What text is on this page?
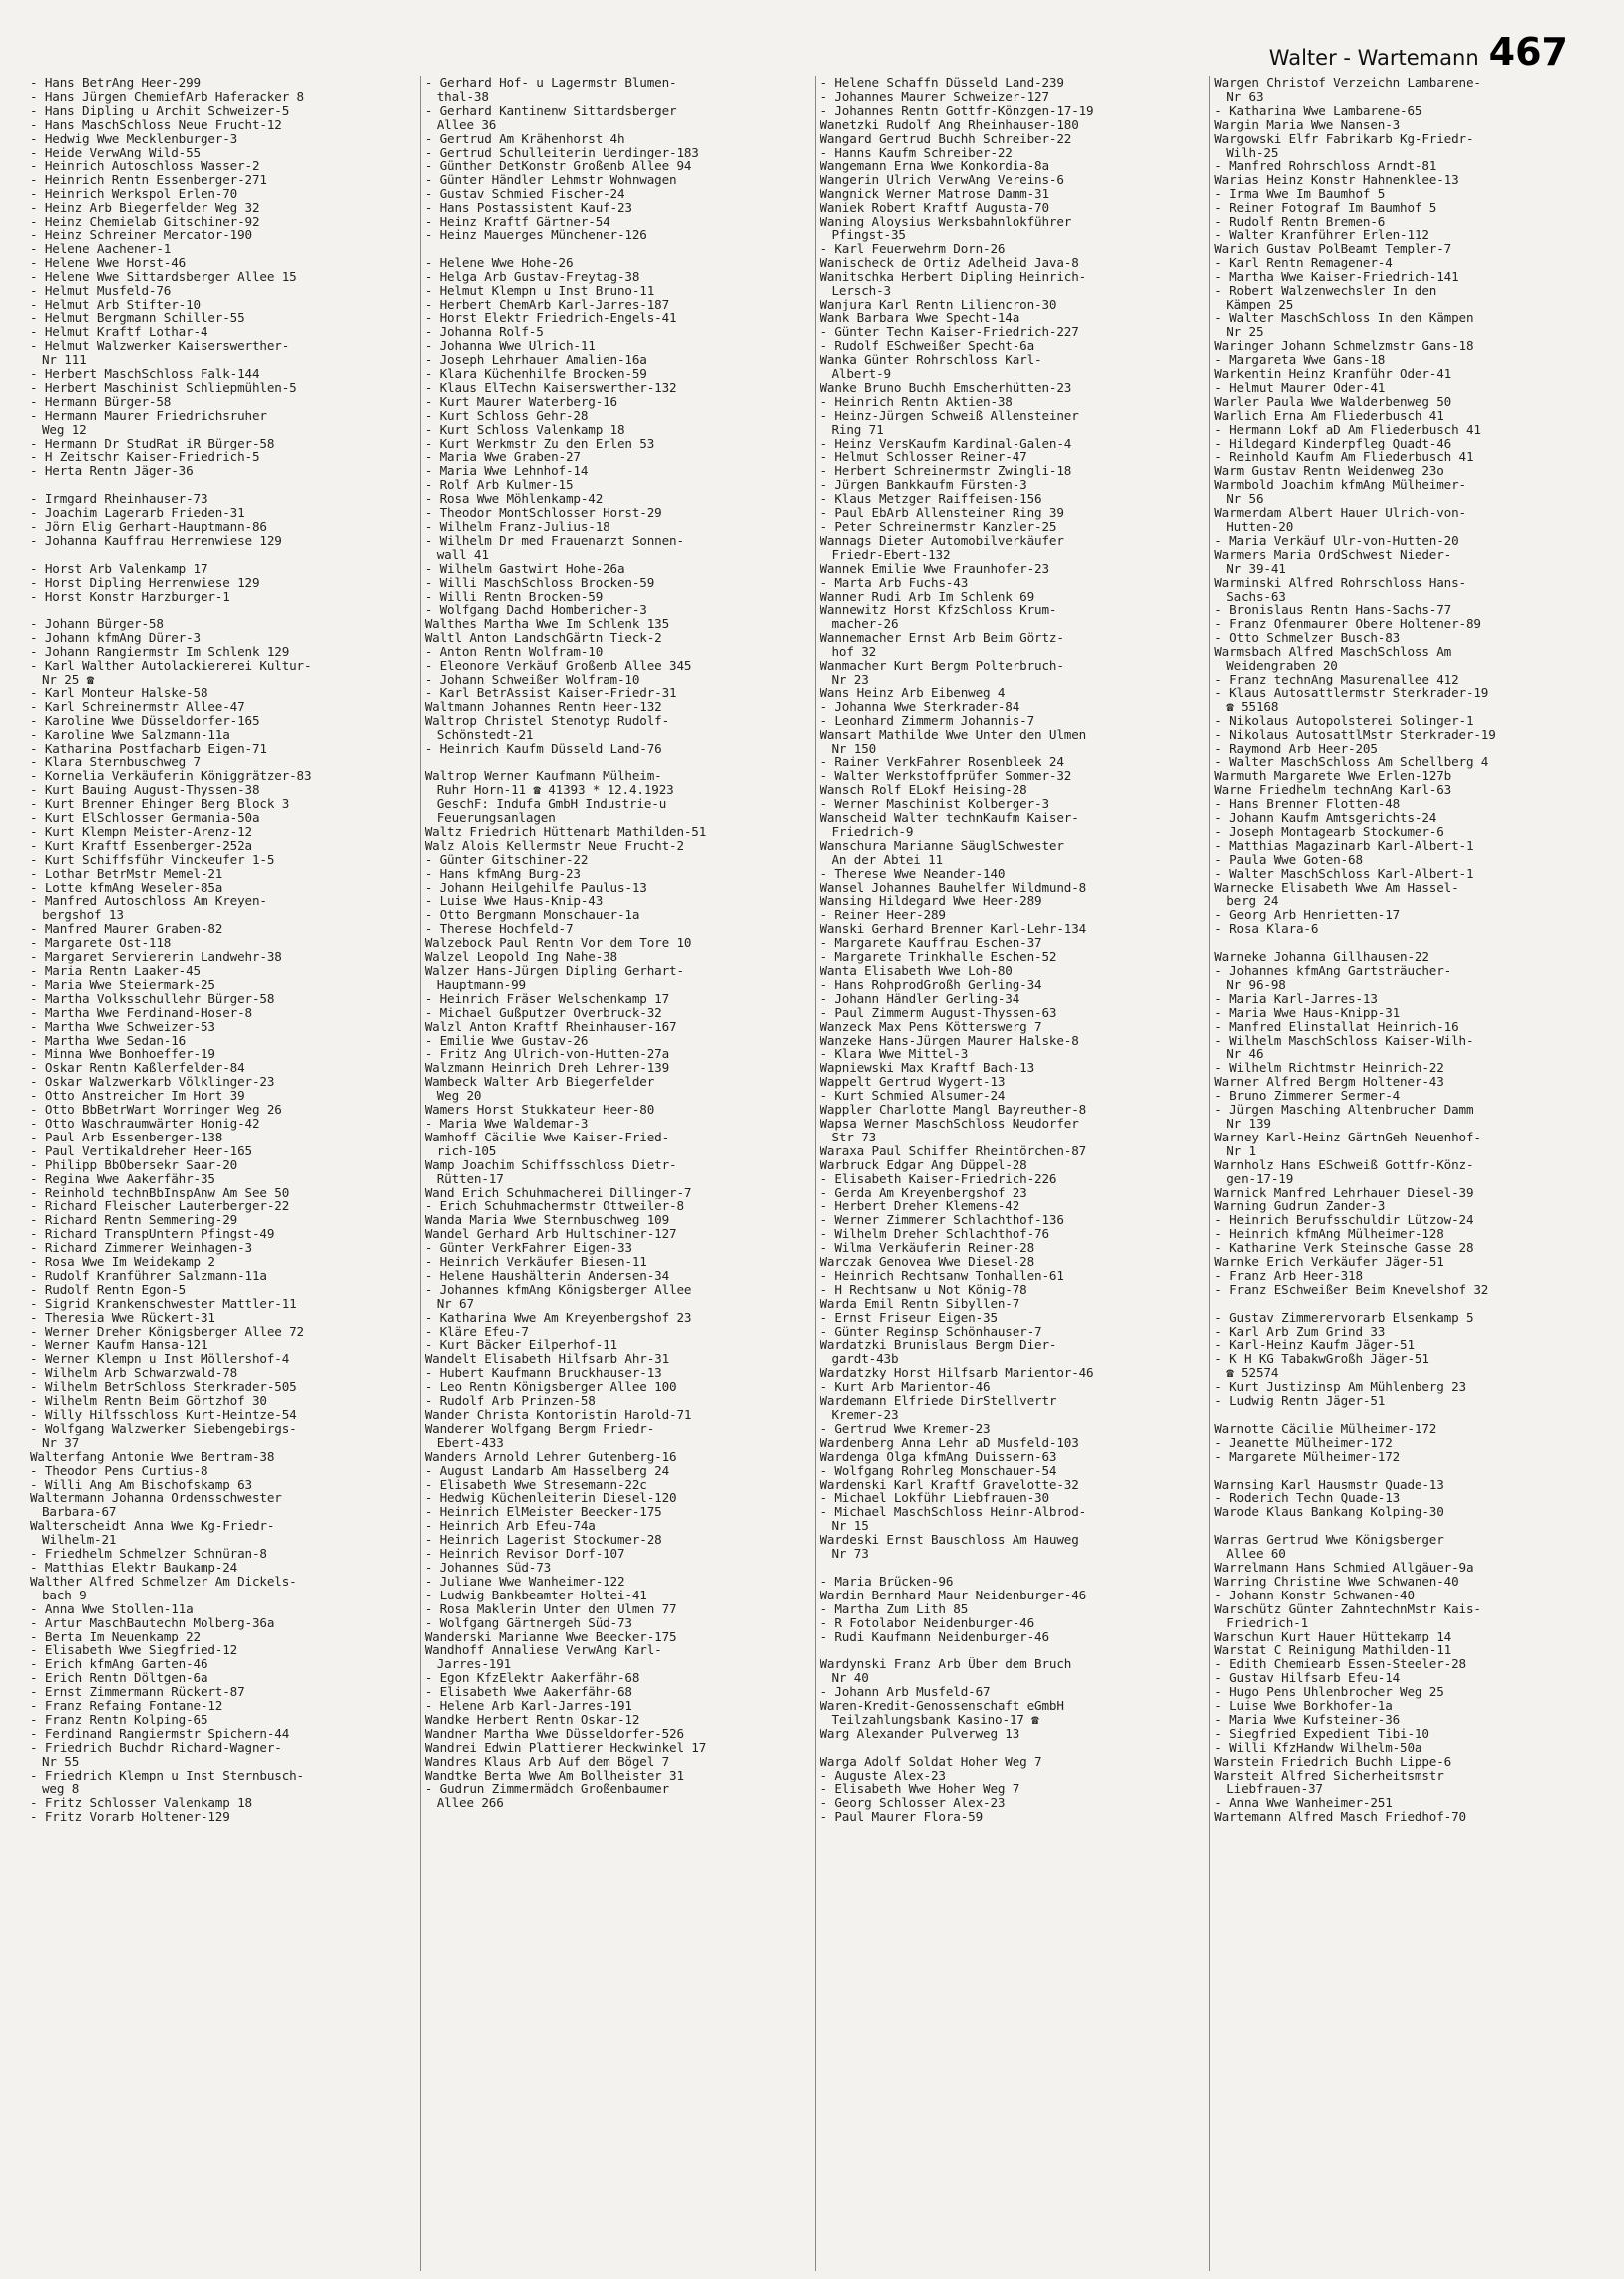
Walter - Wartemann 467
- Hans BetrAng Heer-299
- Hans Jürgen ChemiefArb Haferacker 8
- Hans Dipling u Archit Schweizer-5
- Hans MaschSchloss Neue Frucht-12
- Hedwig Wwe Mecklenburger-3
- Heide VerwAng Wild-55
- Heinrich Autoschloss Wasser-2
- Heinrich Rentn Essenberger-271
- Heinrich Werkspol Erlen-70
- Heinz Arb Biegerfelder Weg 32
- Heinz Chemielab Gitschiner-92
- Heinz Schreiner Mercator-190
- Helene Aachener-1
- Helene Wwe Horst-46
- Helene Wwe Sittardsberger Allee 15
- Helmut Musfeld-76
- Helmut Arb Stifter-10
- Helmut Bergmann Schiller-55
- Helmut Kraftf Lothar-4
- Helmut Walzwerker Kaiserswerther-
Nr 111
- Herbert MaschSchloss Falk-144
- Herbert Maschinist Schliepmühlen-5
- Hermann Bürger-58
- Hermann Maurer Friedrichsruher
Weg 12
- Hermann Dr StudRat iR Bürger-58
- H Zeitschr Kaiser-Friedrich-5
- Herta Rentn Jäger-36

- Irmgard Rheinhauser-73
- Joachim Lagerarb Frieden-31
- Jörn Elig Gerhart-Hauptmann-86
- Johanna Kauffrau Herrenwiese 129

- Horst Arb Valenkamp 17
- Horst Dipling Herrenwiese 129
- Horst Konstr Harzburger-1

- Johann Bürger-58
- Johann kfmAng Dürer-3
- Johann Rangiermstr Im Schlenk 129
- Karl Walther Autolackiererei Kultur-
Nr 25 ☎
- Karl Monteur Halske-58
- Karl Schreinermstr Allee-47
- Karoline Wwe Düsseldorfer-165
- Karoline Wwe Salzmann-11a
- Katharina Postfacharb Eigen-71
- Klara Sternbuschweg 7
- Kornelia Verkäuferin Königgrätzer-83
- Kurt Bauing August-Thyssen-38
- Kurt Brenner Ehinger Berg Block 3
- Kurt ElSchlosser Germania-50a
- Kurt Klempn Meister-Arenz-12
- Kurt Kraftf Essenberger-252a
- Kurt Schiffsführ Vinckeufer 1-5
- Lothar BetrMstr Memel-21
- Lotte kfmAng Weseler-85a
- Manfred Autoschloss Am Kreyen-
bergshof 13
- Manfred Maurer Graben-82
- Margarete Ost-118
- Margaret Serviererin Landwehr-38
- Maria Rentn Laaker-45
- Maria Wwe Steiermark-25
- Martha Volksschullehr Bürger-58
- Martha Wwe Ferdinand-Hoser-8
- Martha Wwe Schweizer-53
- Martha Wwe Sedan-16
- Minna Wwe Bonhoeffer-19
- Oskar Rentn Kaßlerfelder-84
- Oskar Walzwerkarb Völklinger-23
- Otto Anstreicher Im Hort 39
- Otto BbBetrWart Worringer Weg 26
- Otto Waschraumwärter Honig-42
- Paul Arb Essenberger-138
- Paul Vertikaldreher Heer-165
- Philipp BbObersekr Saar-20
- Regina Wwe Aakerfähr-35
- Reinhold technBbInspAnw Am See 50
- Richard Fleischer Lauterberger-22
- Richard Rentn Semmering-29
- Richard TranspUntern Pfingst-49
- Richard Zimmerer Weinhagen-3
- Rosa Wwe Im Weidekamp 2
- Rudolf Kranführer Salzmann-11a
- Rudolf Rentn Egon-5
- Sigrid Krankenschwester Mattler-11
- Theresia Wwe Rückert-31
- Werner Dreher Königsberger Allee 72
- Werner Kaufm Hansa-121
- Werner Klempn u Inst Möllershof-4
- Wilhelm Arb Schwarzwald-78
- Wilhelm BetrSchloss Sterkrader-505
- Wilhelm Rentn Beim Görtzhof 30
- Willy Hilfsschloss Kurt-Heintze-54
- Wolfgang Walzwerker Siebengebirgs-
Nr 37
Walterfang Antonie Wwe Bertram-38
- Theodor Pens Curtius-8
- Willi Ang Am Bischofskamp 63
Waltermann Johanna Ordensschwester
Barbara-67
Walterscheidt Anna Wwe Kg-Friedr-
Wilhelm-21
- Friedhelm Schmelzer Schnüran-8
- Matthias Elektr Baukamp-24
Walther Alfred Schmelzer Am Dickels-
bach 9
- Anna Wwe Stollen-11a
- Artur MaschBautechn Molberg-36a
- Berta Im Neuenkamp 22
- Elisabeth Wwe Siegfried-12
- Erich kfmAng Garten-46
- Erich Rentn Döltgen-6a
- Ernst Zimmermann Rückert-87
- Franz Refaing Fontane-12
- Franz Rentn Kolping-65
- Ferdinand Rangiermstr Spichern-44
- Friedrich Buchdr Richard-Wagner-
Nr 55
- Friedrich Klempn u Inst Sternbusch-
weg 8
- Fritz Schlosser Valenkamp 18
- Fritz Vorarb Holtener-129
- Gerhard Hof- u Lagermstr Blumen-
thal-38
- Gerhard Kantinenw Sittardsberger
Allee 36
- Gertrud Am Krähenhorst 4h
- Gertrud Schulleiterin Uerdinger-183
- Günther DetKonstr Großenb Allee 94
- Günter Händler Lehmstr Wohnwagen
- Gustav Schmied Fischer-24
- Hans Postassistent Kauf-23
- Heinz Kraftf Gärtner-54
- Heinz Mauerges Münchener-126

- Helene Wwe Hohe-26
- Helga Arb Gustav-Freytag-38
- Helmut Klempn u Inst Bruno-11
- Herbert ChemArb Karl-Jarres-187
- Horst Elektr Friedrich-Engels-41
- Johanna Rolf-5
- Johanna Wwe Ulrich-11
- Joseph Lehrhauer Amalien-16a
- Klara Küchenhilfe Brocken-59
- Klaus ElTechn Kaiserswerther-132
- Kurt Maurer Waterberg-16
- Kurt Schloss Gehr-28
- Kurt Schloss Valenkamp 18
- Kurt Werkmstr Zu den Erlen 53
- Maria Wwe Graben-27
- Maria Wwe Lehnhof-14
- Rolf Arb Kulmer-15
- Rosa Wwe Möhlenkamp-42
- Theodor MontSchlosser Horst-29
- Wilhelm Franz-Julius-18
- Wilhelm Dr med Frauenarzt Sonnen-
wall 41
- Wilhelm Gastwirt Hohe-26a
- Willi MaschSchloss Brocken-59
- Willi Rentn Brocken-59
- Wolfgang Dachd Hombericher-3
Walthes Martha Wwe Im Schlenk 135
Waltl Anton LandschGärtn Tieck-2
- Anton Rentn Wolfram-10
- Eleonore Verkäuf Großenb Allee 345
- Johann Schweißer Wolfram-10
- Karl BetrAssist Kaiser-Friedr-31
Waltmann Johannes Rentn Heer-132
Waltrop Christel Stenotyp Rudolf-
Schönstedt-21
- Heinrich Kaufm Düsseld Land-76

Waltrop Werner Kaufmann Mülheim-
Ruhr Horn-11 ☎ 41393 * 12.4.1923
GeschF: Indufa GmbH Industrie-u
Feuerungsanlagen
Waltz Friedrich Hüttenarb Mathilden-51
Walz Alois Kellermstr Neue Frucht-2
- Günter Gitschiner-22
- Hans kfmAng Burg-23
- Johann Heilgehilfe Paulus-13
- Luise Wwe Haus-Knip-43
- Otto Bergmann Monschauer-1a
- Therese Hochfeld-7
Walzebock Paul Rentn Vor dem Tore 10
Walzel Leopold Ing Nahe-38
Walzer Hans-Jürgen Dipling Gerhart-
Hauptmann-99
- Heinrich Fräser Welschenkamp 17
- Michael Gußputzer Overbruck-32
Walzl Anton Kraftf Rheinhauser-167
- Emilie Wwe Gustav-26
- Fritz Ang Ulrich-von-Hutten-27a
Walzmann Heinrich Dreh Lehrer-139
Wambeck Walter Arb Biegerfelder
Weg 20
Wamers Horst Stukkateur Heer-80
- Maria Wwe Waldemar-3
Wamhoff Cäcilie Wwe Kaiser-Fried-
rich-105
Wamp Joachim Schiffsschloss Dietr-
Rütten-17
Wand Erich Schuhmacherei Dillinger-7
- Erich Schuhmachermstr Ottweiler-8
Wanda Maria Wwe Sternbuschweg 109
Wandel Gerhard Arb Hultschiner-127
- Günter VerkFahrer Eigen-33
- Heinrich Verkäufer Biesen-11
- Helene Haushälterin Andersen-34
- Johannes kfmAng Königsberger Allee
Nr 67
- Katharina Wwe Am Kreyenbergshof 23
- Kläre Efeu-7
- Kurt Bäcker Eilperhof-11
Wandelt Elisabeth Hilfsarb Ahr-31
- Hubert Kaufmann Bruckhauser-13
- Leo Rentn Königsberger Allee 100
- Rudolf Arb Prinzen-58
Wander Christa Kontoristin Harold-71
Wanderer Wolfgang Bergm Friedr-
Ebert-433
Wanders Arnold Lehrer Gutenberg-16
- August Landarb Am Hasselberg 24
- Elisabeth Wwe Stresemann-22c
- Hedwig Küchenleiterin Diesel-120
- Heinrich ElMeister Beecker-175
- Heinrich Arb Efeu-74a
- Heinrich Lagerist Stockumer-28
- Heinrich Revisor Dorf-107
- Johannes Süd-73
- Juliane Wwe Wanheimer-122
- Ludwig Bankbeamter Holtei-41
- Rosa Maklerin Unter den Ulmen 77
- Wolfgang Gärtnergeh Süd-73
Wanderski Marianne Wwe Beecker-175
Wandhoff Annaliese VerwAng Karl-
Jarres-191
- Egon KfzElektr Aakerfähr-68
- Elisabeth Wwe Aakerfähr-68
- Helene Arb Karl-Jarres-191
Wandke Herbert Rentn Oskar-12
Wandner Martha Wwe Düsseldorfer-526
Wandrei Edwin Plattierer Heckwinkel 17
Wandres Klaus Arb Auf dem Bögel 7
Wandtke Berta Wwe Am Bollheister 31
- Gudrun Zimmermädch Großenbaumer
Allee 266
- Helene Schaffn Düsseld Land-239
- Johannes Maurer Schweizer-127
- Johannes Rentn Gottfr-Könzgen-17-19
Wanetzki Rudolf Ang Rheinhauser-180
Wangard Gertrud Buchh Schreiber-22
- Hanns Kaufm Schreiber-22
Wangemann Erna Wwe Konkordia-8a
Wangerin Ulrich VerwAng Vereins-6
Wangnick Werner Matrose Damm-31
Waniek Robert Kraftf Augusta-70
Waning Aloysius Werksbahnlokführer
Pfingst-35
- Karl Feuerwehrm Dorn-26
Wanischeck de Ortiz Adelheid Java-8
Wanitschka Herbert Dipling Heinrich-
Lersch-3
Wanjura Karl Rentn Liliencron-30
Wank Barbara Wwe Specht-14a
- Günter Techn Kaiser-Friedrich-227
- Rudolf ESchweißer Specht-6a
Wanka Günter Rohrschloss Karl-
Albert-9
Wanke Bruno Buchh Emscherhütten-23
- Heinrich Rentn Aktien-38
- Heinz-Jürgen Schweiß Allensteiner
Ring 71
- Heinz VersKaufm Kardinal-Galen-4
- Helmut Schlosser Reiner-47
- Herbert Schreinermstr Zwingli-18
- Jürgen Bankkaufm Fürsten-3
- Klaus Metzger Raiffeisen-156
- Paul EbArb Allensteiner Ring 39
- Peter Schreinermstr Kanzler-25
Wannags Dieter Automobilverkäufer
Friedr-Ebert-132
Wannek Emilie Wwe Fraunhofer-23
- Marta Arb Fuchs-43
Wanner Rudi Arb Im Schlenk 69
Wannewitz Horst KfzSchloss Krum-
macher-26
Wannemacher Ernst Arb Beim Görtz-
hof 32
Wanmacher Kurt Bergm Polterbruch-
Nr 23
Wans Heinz Arb Eibenweg 4
- Johanna Wwe Sterkrader-84
- Leonhard Zimmerm Johannis-7
Wansart Mathilde Wwe Unter den Ulmen
Nr 150
- Rainer VerkFahrer Rosenbleek 24
- Walter Werkstoffprüfer Sommer-32
Wansch Rolf ELokf Heising-28
- Werner Maschinist Kolberger-3
Wanscheid Walter technKaufm Kaiser-
Friedrich-9
Wanschura Marianne SäuglSchwester
An der Abtei 11
- Therese Wwe Neander-140
Wansel Johannes Bauhelfer Wildmund-8
Wansing Hildegard Wwe Heer-289
- Reiner Heer-289
Wanski Gerhard Brenner Karl-Lehr-134
- Margarete Kauffrau Eschen-37
- Margarete Trinkhalle Eschen-52
Wanta Elisabeth Wwe Loh-80
- Hans RohprodGroßh Gerling-34
- Johann Händler Gerling-34
- Paul Zimmerm August-Thyssen-63
Wanzeck Max Pens Kötterswerg 7
Wanzeke Hans-Jürgen Maurer Halske-8
- Klara Wwe Mittel-3
Wapniewski Max Kraftf Bach-13
Wappelt Gertrud Wygert-13
- Kurt Schmied Alsumer-24
Wappler Charlotte Mangl Bayreuther-8
Wapsa Werner MaschSchloss Neudorfer
Str 73
Waraxa Paul Schiffer Rheintörchen-87
Warbruck Edgar Ang Düppel-28
- Elisabeth Kaiser-Friedrich-226
- Gerda Am Kreyenbergshof 23
- Herbert Dreher Klemens-42
- Werner Zimmerer Schlachthof-136
- Wilhelm Dreher Schlachthof-76
- Wilma Verkäuferin Reiner-28
Warczak Genovea Wwe Diesel-28
- Heinrich Rechtsanw Tonhallen-61
- H Rechtsanw u Not König-78
Warda Emil Rentn Sibyllen-7
- Ernst Friseur Eigen-35
- Günter Reginsp Schönhauser-7
Wardatzki Brunislaus Bergm Dier-
gardt-43b
Wardatzky Horst Hilfsarb Marientor-46
- Kurt Arb Marientor-46
Wardemann Elfriede DirStellvertr
Kremer-23
- Gertrud Wwe Kremer-23
Wardenberg Anna Lehr aD Musfeld-103
Wardenga Olga kfmAng Duissern-63
- Wolfgang Rohrleg Monschauer-54
Wardenski Karl Kraftf Gravelotte-32
- Michael Lokführ Liebfrauen-30
- Michael MaschSchloss Heinr-Albrod-
Nr 15
Wardeski Ernst Bauschloss Am Hauweg
Nr 73

- Maria Brücken-96
Wardin Bernhard Maur Neidenburger-46
- Martha Zum Lith 85
- R Fotolabor Neidenburger-46
- Rudi Kaufmann Neidenburger-46

Wardynski Franz Arb Über dem Bruch
Nr 40
- Johann Arb Musfeld-67
Waren-Kredit-Genossenschaft eGmbH
Teilzahlungsbank Kasino-17 ☎
Warg Alexander Pulverweg 13

Warga Adolf Soldat Hoher Weg 7
- Auguste Alex-23
- Elisabeth Wwe Hoher Weg 7
- Georg Schlosser Alex-23
- Paul Maurer Flora-59
Wargen Christof Verzeichn Lambarene-
Nr 63
- Katharina Wwe Lambarene-65
Wargin Maria Wwe Nansen-3
Wargowski Elfr Fabrikarb Kg-Friedr-
Wilh-25
- Manfred Rohrschloss Arndt-81
Warias Heinz Konstr Hahnenklee-13
- Irma Wwe Im Baumhof 5
- Reiner Fotograf Im Baumhof 5
- Rudolf Rentn Bremen-6
- Walter Kranführer Erlen-112
Warich Gustav PolBeamt Templer-7
- Karl Rentn Remagener-4
- Martha Wwe Kaiser-Friedrich-141
- Robert Walzenwechsler In den
Kämpen 25
- Walter MaschSchloss In den Kämpen
Nr 25
Waringer Johann Schmelzmstr Gans-18
- Margareta Wwe Gans-18
Warkentin Heinz Kranführ Oder-41
- Helmut Maurer Oder-41
Warler Paula Wwe Walderbenweg 50
Warlich Erna Am Fliederbusch 41
- Hermann Lokf aD Am Fliederbusch 41
- Hildegard Kinderpfleg Quadt-46
- Reinhold Kaufm Am Fliederbusch 41
Warm Gustav Rentn Weidenweg 23o
Warmbold Joachim kfmAng Mülheimer-
Nr 56
Warmerdam Albert Hauer Ulrich-von-
Hutten-20
- Maria Verkäuf Ulr-von-Hutten-20
Warmers Maria OrdSchwest Nieder-
Nr 39-41
Warminski Alfred Rohrschloss Hans-
Sachs-63
- Bronislaus Rentn Hans-Sachs-77
- Franz Ofenmaurer Obere Holtener-89
- Otto Schmelzer Busch-83
Warmsbach Alfred MaschSchloss Am
Weidengraben 20
- Franz technAng Masurenallee 412
- Klaus Autosattlermstr Sterkrader-19
☎ 55168
- Nikolaus Autopolsterei Solinger-1
- Nikolaus AutosattlMstr Sterkrader-19
- Raymond Arb Heer-205
- Walter MaschSchloss Am Schellberg 4
Warmuth Margarete Wwe Erlen-127b
Warne Friedhelm technAng Karl-63
- Hans Brenner Flotten-48
- Johann Kaufm Amtsgerichts-24
- Joseph Montagearb Stockumer-6
- Matthias Magazinarb Karl-Albert-1
- Paula Wwe Goten-68
- Walter MaschSchloss Karl-Albert-1
Warnecke Elisabeth Wwe Am Hassel-
berg 24
- Georg Arb Henrietten-17
- Rosa Klara-6

Warneke Johanna Gillhausen-22
- Johannes kfmAng Gartsträucher-
Nr 96-98
- Maria Karl-Jarres-13
- Maria Wwe Haus-Knipp-31
- Manfred Elinstallat Heinrich-16
- Wilhelm MaschSchloss Kaiser-Wilh-
Nr 46
- Wilhelm Richtmstr Heinrich-22
Warner Alfred Bergm Holtener-43
- Bruno Zimmerer Sermer-4
- Jürgen Masching Altenbrucher Damm
Nr 139
Warney Karl-Heinz GärtnGeh Neuenhof-
Nr 1
Warnholz Hans ESchweiß Gottfr-Könz-
gen-17-19
Warnick Manfred Lehrhauer Diesel-39
Warning Gudrun Zander-3
- Heinrich Berufsschuldir Lützow-24
- Heinrich kfmAng Mülheimer-128
- Katharine Verk Steinsche Gasse 28
Warnke Erich Verkäufer Jäger-51
- Franz Arb Heer-318
- Franz ESchweißer Beim Knevelshof 32

- Gustav Zimmerervorarb Elsenkamp 5
- Karl Arb Zum Grind 33
- Karl-Heinz Kaufm Jäger-51
- K H KG TabakwGroßh Jäger-51
☎ 52574
- Kurt Justizinsp Am Mühlenberg 23
- Ludwig Rentn Jäger-51

Warnotte Cäcilie Mülheimer-172
- Jeanette Mülheimer-172
- Margarete Mülheimer-172

Warnsing Karl Hausmstr Quade-13
- Roderich Techn Quade-13
Warode Klaus Bankang Kolping-30

Warras Gertrud Wwe Königsberger
Allee 60
Warrelmann Hans Schmied Allgäuer-9a
Warring Christine Wwe Schwanen-40
- Johann Konstr Schwanen-40
Warschütz Günter ZahntechnMstr Kais-
Friedrich-1
Warschun Kurt Hauer Hüttekamp 14
Warstat C Reinigung Mathilden-11
- Edith Chemiearb Essen-Steeler-28
- Gustav Hilfsarb Efeu-14
- Hugo Pens Uhlenbrocher Weg 25
- Luise Wwe Borkhofer-1a
- Maria Wwe Kufsteiner-36
- Siegfried Expedient Tibi-10
- Willi KfzHandw Wilhelm-50a
Warstein Friedrich Buchh Lippe-6
Warsteit Alfred Sicherheitsmstr
Liebfrauen-37
- Anna Wwe Wanheimer-251
Wartemann Alfred Masch Friedhof-70
